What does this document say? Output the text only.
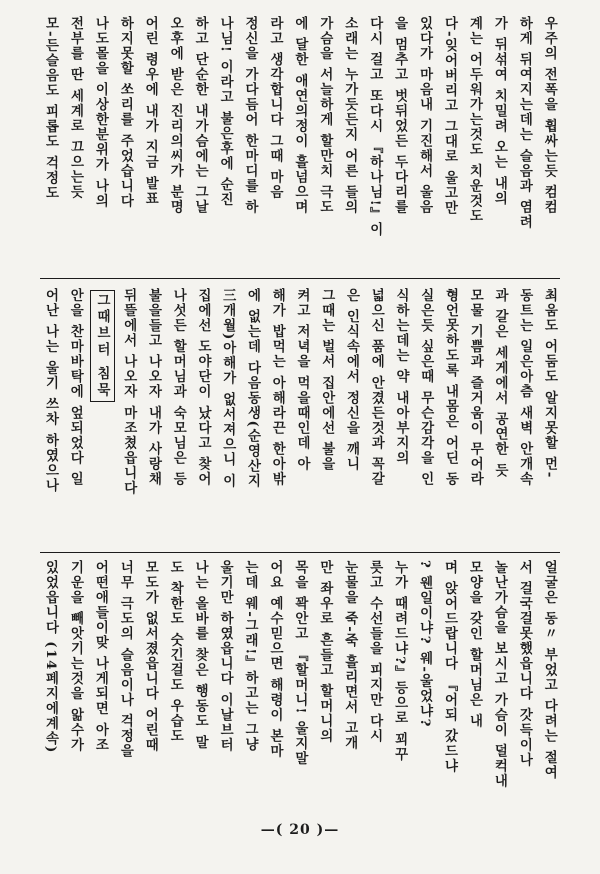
우주의 전폭을 휩싸는듯 컴컴
하게 뒤여지는데는 슬음과 염려
가 뒤섞여 치밀려 오는 내의
계는 어두워가는것도 치운것도
다-잊어버리고 그대로 울고만
있다가 마음내 기진해서 울음
을 멈추고 벗뒤었든 두다리를
다시 걸고 또다시 『하나님!』이
소래는 누가듯든지 어른 들의
가슴을 서늘하게 할만치 극도
에 달한 애연의정이 흘넘으며
라고 생각합니다 그때 마음
정신을 가다듬어 한마디를 하
나님! 이라고 불은후에 순진
하고 단순한 내가슴에는 그날
오후에 받은 진리의씨가 분명
어린 령우에 내가 지금 발표
하지못할 쏘리를 주었습니다
나도몰을 이상한분위가 나의
전부를 딴 세계로 끄으는듯
모-든슬음도 피롭도 걱정도
최움도 어둠도 알지못할 먼-
동트는 일은아츰 새벽 안개속
과 갈은 세게에서 공연한 듯
모물 기쁨과 즐거움이 무어라
형언못하도록 내몸은 어딘 동
실은듯 싶은때 무슨감각을 인
식하는데는 약 내아부지의
넓으신 품에 안겼든것과 꼭갈
은 인식속에서 정신을 깨니
그때는 벌서 집안에선 불을
켜고 저녁을 먹을때인데 아
해가 밥먹는 아해라끈 한아밖
에 없는데 다음동생(순영산지
三개월)아해가 없서져으니 이
집에선 도야단이 났다고 찾어
나섯든 할머님과 숙모님은 등
불을들고 나오자 내가 사랑채
뒤뜰에서 나오자 마조쳤읍니다
그때브터 침묵
안을 찬마바탁에 엎되었다 일
어난 나는 울기 쓰차 하였으나
얼굴은 동〃 부었고 다려는 절여
서 걸국걸못했읍니다 갓득이나
놀난가슴을 보시고 가슴이 덜컥내
모양을 갖인 할머님은 내
며 앉어드랍니다 『어되 갔드냐
? 웬일이냐? 웨-울었냐?
누가 때려드냐?』등으로 꾀꾸
릇고 수선들을 피지만 다시
눈물을 죽-죽 흘리면서 고개
만 좌우로 흔들고 할머니의
목을 꽉안고 『할머니! 울지말
어요 예수믿으면 해령이 본마
는데 웨-그래!』하고는 그냥
울기만 하였읍니다 이날브터
나는 올바를 찾은 행동도 말
도 착한도 숫긴걸도 우습도
모도가 없서졌읍니다 어린때
너무 극도의 슬음이나 걱정을
어떤애들이맞 나게되면 아조
기운을 빼앗기는것을 앎수가
있었읍니다 (14페지에계속)
—( 20 )—
